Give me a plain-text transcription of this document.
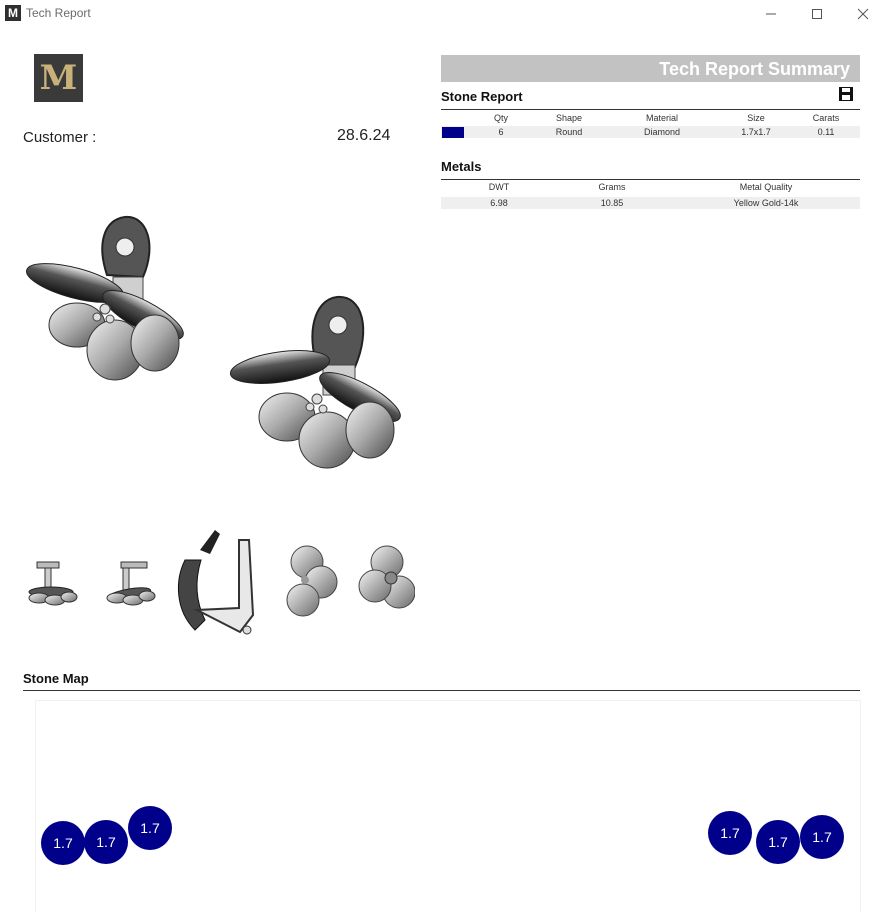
M Tech Report
M
Customer :	28.6.24
Tech Report Summary
Stone Report
Qty	Shape	Material	Size	Carats
6	Round	Diamond	1.7x1.7	0.11
Metals
DWT	Grams	Metal Quality
6.98	10.85	Yellow Gold-14k
Stone Map
1.7	1.7
1.7	1.7
1.7	1.7
